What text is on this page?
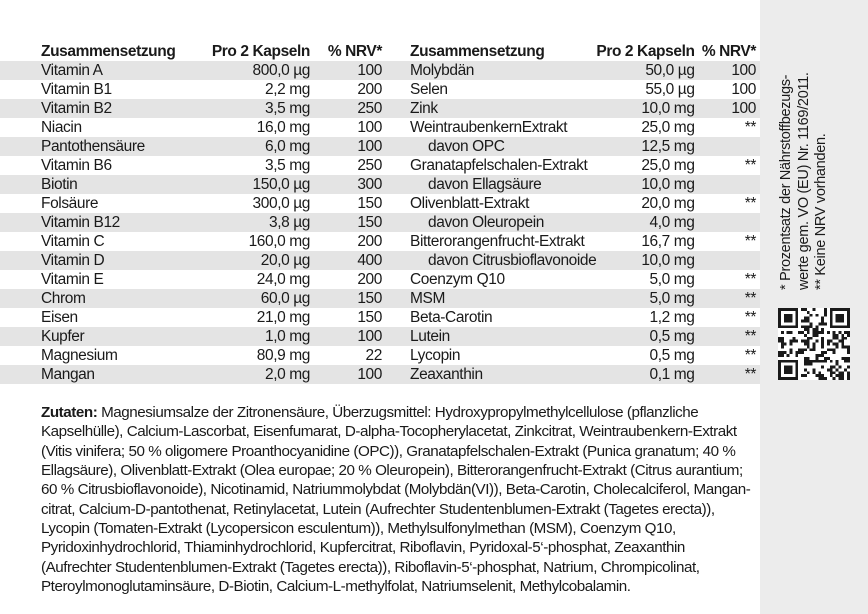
Zusammensetzung	Pro 2 Kapseln	% NRV*
Vitamin A	800,0 µg	100
Vitamin B1	2,2 mg	200
Vitamin B2	3,5 mg	250
Niacin	16,0 mg	100
Pantothensäure	6,0 mg	100
Vitamin B6	3,5 mg	250
Biotin	150,0 µg	300
Folsäure	300,0 µg	150
Vitamin B12	3,8 µg	150
Vitamin C	160,0 mg	200
Vitamin D	20,0 µg	400
Vitamin E	24,0 mg	200
Chrom	60,0 µg	150
Eisen	21,0 mg	150
Kupfer	1,0 mg	100
Magnesium	80,9 mg	22
Mangan	2,0 mg	100
Zusammensetzung	Pro 2 Kapseln	% NRV*
Molybdän	50,0 µg	100
Selen	55,0 µg	100
Zink	10,0 mg	100
WeintraubenkernExtrakt	25,0 mg	**
davon OPC	12,5 mg	
Granatapfelschalen-Extrakt	25,0 mg	**
davon Ellagsäure	10,0 mg	
Olivenblatt-Extrakt	20,0 mg	**
davon Oleuropein	4,0 mg	
Bitterorangenfrucht-Extrakt	16,7 mg	**
davon Citrusbioflavonoide	10,0 mg	
Coenzym Q10	5,0 mg	**
MSM	5,0 mg	**
Beta-Carotin	1,2 mg	**
Lutein	0,5 mg	**
Lycopin	0,5 mg	**
Zeaxanthin	0,1 mg	**

Zutaten: Magnesiumsalze der Zitronensäure, Überzugsmittel: Hydroxypropylmethylcellulose (pflanzliche Kapselhülle), Calcium-Lascorbat, Eisenfumarat, D-alpha-Tocopherylacetat, Zinkcitrat, Weintraubenkern-Extrakt (Vitis vinifera; 50 % oligomere Proanthocyanidine (OPC)), Granatapfelschalen-Extrakt (Punica granatum; 40 % Ellagsäure), Olivenblatt-Extrakt (Olea europae; 20 % Oleuropein), Bitterorangenfrucht-Extrakt (Citrus aurantium; 60 % Citrusbioflavonoide), Nicotinamid, Natriummolybdat (Molybdän(VI)), Beta-Carotin, Cholecalciferol, Mangan-citrat, Calcium-D-pantothenat, Retinylacetat, Lutein (Aufrechter Studentenblumen-Extrakt (Tagetes erecta)), Lycopin (Tomaten-Extrakt (Lycopersicon esculentum)), Methylsulfonylmethan (MSM), Coenzym Q10, Pyridoxinhydrochlorid, Thiaminhydrochlorid, Kupfercitrat, Riboflavin, Pyridoxal-5‘-phosphat, Zeaxanthin (Aufrechter Studentenblumen-Extrakt (Tagetes erecta)), Riboflavin-5‘-phosphat, Natrium, Chrompicolinat, Pteroylmonoglutaminsäure, D-Biotin, Calcium-L-methylfolat, Natriumselenit, Methylcobalamin.

** Keine NRV vorhanden.
